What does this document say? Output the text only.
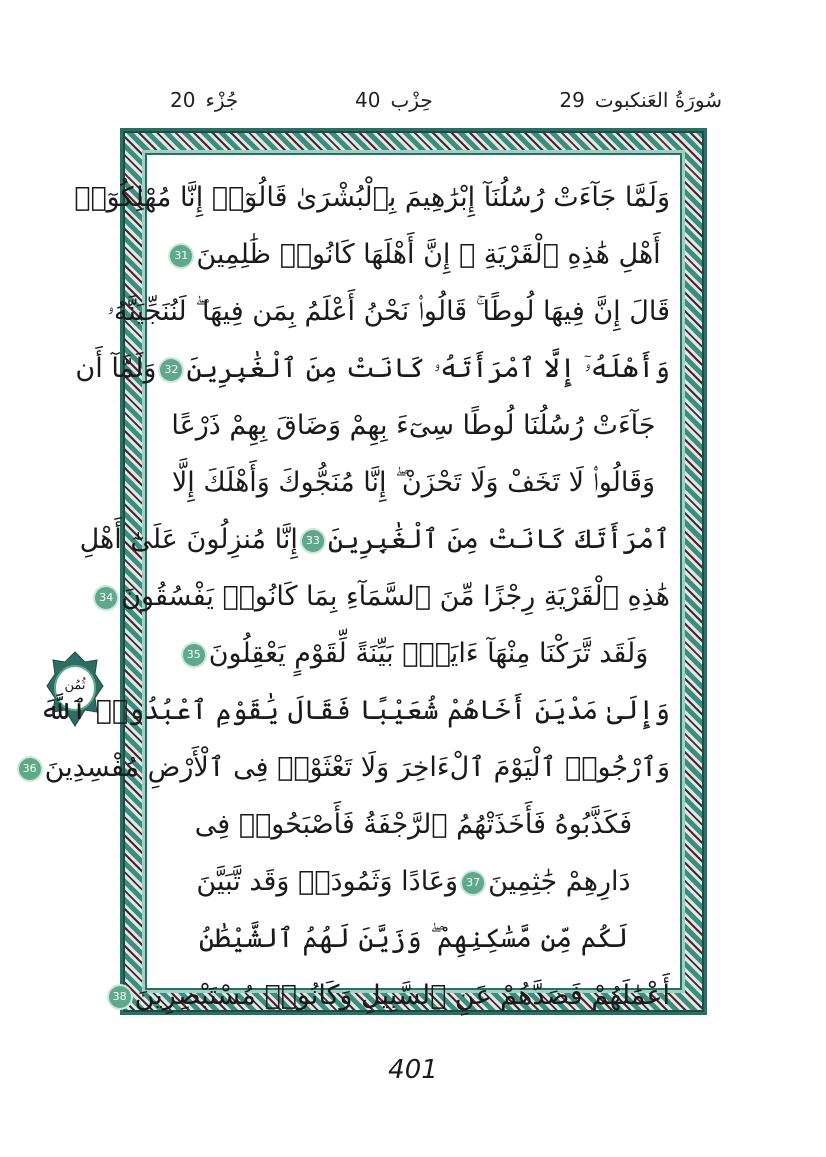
20 جُزْء	40 حِزْب	29 سُورَةُ العَنكبوت
ثُمُن
وَلَمَّا جَآءَتْ رُسُلُنَآ إِبْرَٰهِيمَ بِٱلْبُشْرَىٰ قَالُوٓا۟ إِنَّا مُهْلِكُوٓا۟
أَهْلِ هَٰذِهِ ٱلْقَرْيَةِ ۖ إِنَّ أَهْلَهَا كَانُوا۟ ظَٰلِمِينَ31
قَالَ إِنَّ فِيهَا لُوطًا ۚ قَالُوا۟ نَحْنُ أَعْلَمُ بِمَن فِيهَا ۖ لَنُنَجِّيَنَّهُۥ
وَأَهْلَهُۥٓ إِلَّا ٱمْرَأَتَهُۥ كَانَتْ مِنَ ٱلْغَٰبِرِينَ32وَلَمَّآ أَن
جَآءَتْ رُسُلُنَا لُوطًا سِىٓءَ بِهِمْ وَضَاقَ بِهِمْ ذَرْعًا
وَقَالُوا۟ لَا تَخَفْ وَلَا تَحْزَنْ ۖ إِنَّا مُنَجُّوكَ وَأَهْلَكَ إِلَّا
ٱمْرَأَتَكَ كَانَتْ مِنَ ٱلْغَٰبِرِينَ33إِنَّا مُنزِلُونَ عَلَىٰٓ أَهْلِ
هَٰذِهِ ٱلْقَرْيَةِ رِجْزًا مِّنَ ٱلسَّمَآءِ بِمَا كَانُوا۟ يَفْسُقُونَ34
وَلَقَد تَّرَكْنَا مِنْهَآ ءَايَةًۢ بَيِّنَةً لِّقَوْمٍ يَعْقِلُونَ35
وَإِلَىٰ مَدْيَنَ أَخَاهُمْ شُعَيْبًا فَقَالَ يَٰقَوْمِ ٱعْبُدُوا۟ ٱللَّهَ
وَٱرْجُوا۟ ٱلْيَوْمَ ٱلْءَاخِرَ وَلَا تَعْثَوْا۟ فِى ٱلْأَرْضِ مُفْسِدِينَ36
فَكَذَّبُوهُ فَأَخَذَتْهُمُ ٱلرَّجْفَةُ فَأَصْبَحُوا۟ فِى
دَارِهِمْ جَٰثِمِينَ37وَعَادًا وَثَمُودَا۟ وَقَد تَّبَيَّنَ
لَكُم مِّن مَّسَٰكِنِهِمْ ۖ وَزَيَّنَ لَهُمُ ٱلشَّيْطَٰنُ
أَعْمَٰلَهُمْ فَصَدَّهُمْ عَنِ ٱلسَّبِيلِ وَكَانُوا۟ مُسْتَبْصِرِينَ38
401
